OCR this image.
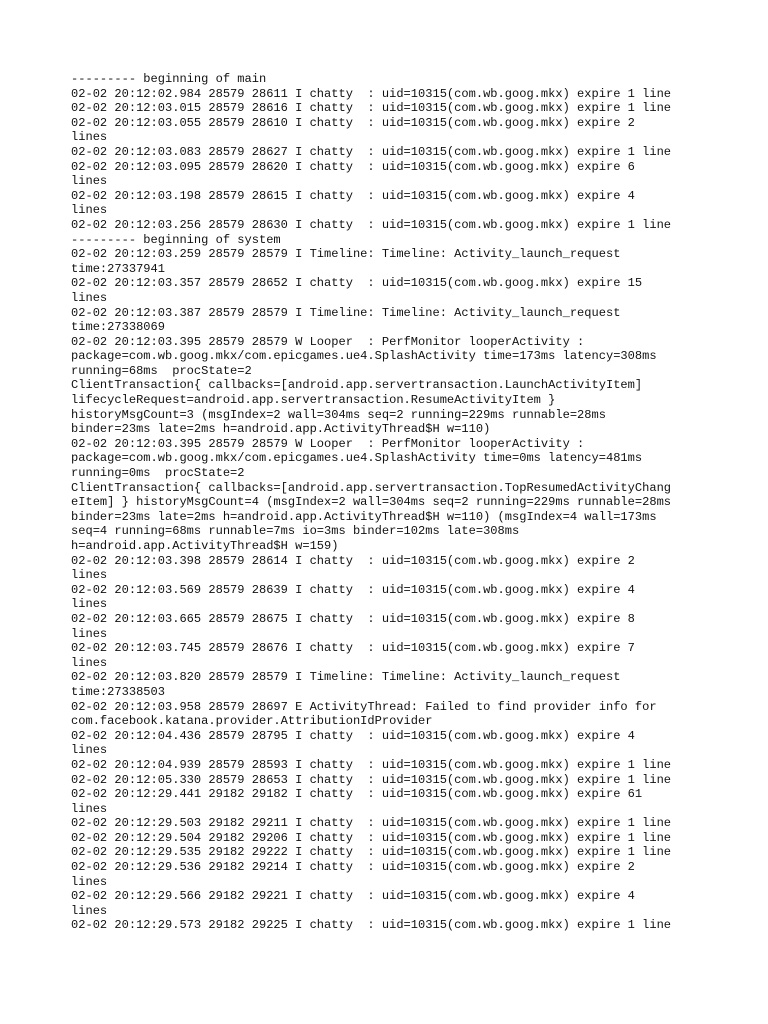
--------- beginning of main
02-02 20:12:02.984 28579 28611 I chatty  : uid=10315(com.wb.goog.mkx) expire 1 line
02-02 20:12:03.015 28579 28616 I chatty  : uid=10315(com.wb.goog.mkx) expire 1 line
02-02 20:12:03.055 28579 28610 I chatty  : uid=10315(com.wb.goog.mkx) expire 2
lines
02-02 20:12:03.083 28579 28627 I chatty  : uid=10315(com.wb.goog.mkx) expire 1 line
02-02 20:12:03.095 28579 28620 I chatty  : uid=10315(com.wb.goog.mkx) expire 6
lines
02-02 20:12:03.198 28579 28615 I chatty  : uid=10315(com.wb.goog.mkx) expire 4
lines
02-02 20:12:03.256 28579 28630 I chatty  : uid=10315(com.wb.goog.mkx) expire 1 line
--------- beginning of system
02-02 20:12:03.259 28579 28579 I Timeline: Timeline: Activity_launch_request
time:27337941
02-02 20:12:03.357 28579 28652 I chatty  : uid=10315(com.wb.goog.mkx) expire 15
lines
02-02 20:12:03.387 28579 28579 I Timeline: Timeline: Activity_launch_request
time:27338069
02-02 20:12:03.395 28579 28579 W Looper  : PerfMonitor looperActivity :
package=com.wb.goog.mkx/com.epicgames.ue4.SplashActivity time=173ms latency=308ms
running=68ms  procState=2
ClientTransaction{ callbacks=[android.app.servertransaction.LaunchActivityItem]
lifecycleRequest=android.app.servertransaction.ResumeActivityItem }
historyMsgCount=3 (msgIndex=2 wall=304ms seq=2 running=229ms runnable=28ms
binder=23ms late=2ms h=android.app.ActivityThread$H w=110)
02-02 20:12:03.395 28579 28579 W Looper  : PerfMonitor looperActivity :
package=com.wb.goog.mkx/com.epicgames.ue4.SplashActivity time=0ms latency=481ms
running=0ms  procState=2
ClientTransaction{ callbacks=[android.app.servertransaction.TopResumedActivityChang
eItem] } historyMsgCount=4 (msgIndex=2 wall=304ms seq=2 running=229ms runnable=28ms
binder=23ms late=2ms h=android.app.ActivityThread$H w=110) (msgIndex=4 wall=173ms
seq=4 running=68ms runnable=7ms io=3ms binder=102ms late=308ms
h=android.app.ActivityThread$H w=159)
02-02 20:12:03.398 28579 28614 I chatty  : uid=10315(com.wb.goog.mkx) expire 2
lines
02-02 20:12:03.569 28579 28639 I chatty  : uid=10315(com.wb.goog.mkx) expire 4
lines
02-02 20:12:03.665 28579 28675 I chatty  : uid=10315(com.wb.goog.mkx) expire 8
lines
02-02 20:12:03.745 28579 28676 I chatty  : uid=10315(com.wb.goog.mkx) expire 7
lines
02-02 20:12:03.820 28579 28579 I Timeline: Timeline: Activity_launch_request
time:27338503
02-02 20:12:03.958 28579 28697 E ActivityThread: Failed to find provider info for
com.facebook.katana.provider.AttributionIdProvider
02-02 20:12:04.436 28579 28795 I chatty  : uid=10315(com.wb.goog.mkx) expire 4
lines
02-02 20:12:04.939 28579 28593 I chatty  : uid=10315(com.wb.goog.mkx) expire 1 line
02-02 20:12:05.330 28579 28653 I chatty  : uid=10315(com.wb.goog.mkx) expire 1 line
02-02 20:12:29.441 29182 29182 I chatty  : uid=10315(com.wb.goog.mkx) expire 61
lines
02-02 20:12:29.503 29182 29211 I chatty  : uid=10315(com.wb.goog.mkx) expire 1 line
02-02 20:12:29.504 29182 29206 I chatty  : uid=10315(com.wb.goog.mkx) expire 1 line
02-02 20:12:29.535 29182 29222 I chatty  : uid=10315(com.wb.goog.mkx) expire 1 line
02-02 20:12:29.536 29182 29214 I chatty  : uid=10315(com.wb.goog.mkx) expire 2
lines
02-02 20:12:29.566 29182 29221 I chatty  : uid=10315(com.wb.goog.mkx) expire 4
lines
02-02 20:12:29.573 29182 29225 I chatty  : uid=10315(com.wb.goog.mkx) expire 1 line
